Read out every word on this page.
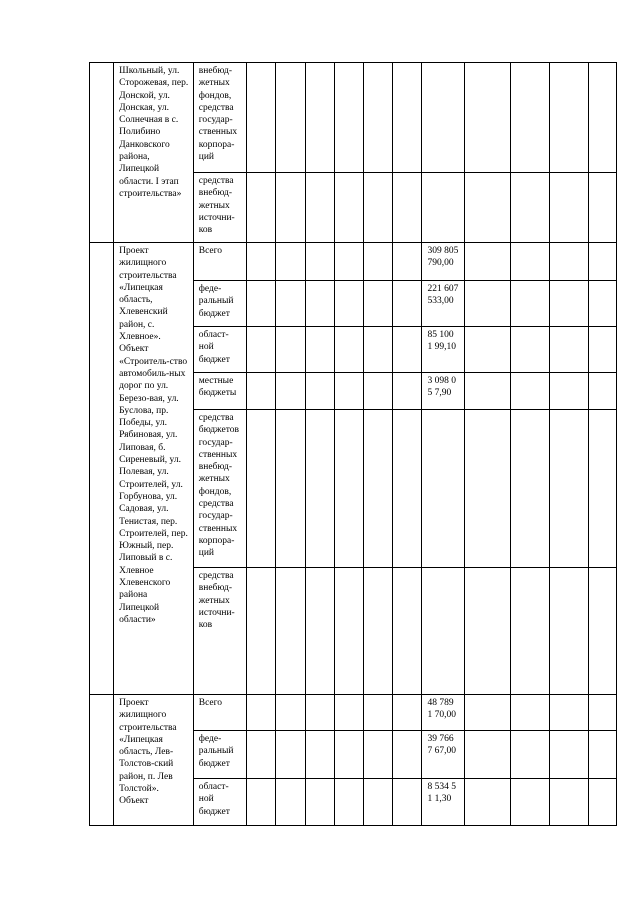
	Школьный, ул. Сторожевая, пер. Донской, ул. Донская, ул. Солнечная в с. Полибино Данковского района, Липецкой области. I этап строительства»	внебюд-жетных фондов, средства государ-ственных корпора-ций											
		средства внебюд-жетных источни-ков											
	Проект жилищного строительства «Липецкая область, Хлевенский район, с. Хлевное». Объект «Строитель-ство автомобиль-ных дорог по ул. Березо-вая, ул. Буслова, пр. Победы, ул. Рябиновая, ул. Липовая, б. Сиреневый, ул. Полевая, ул. Строителей, ул. Горбунова, ул. Садовая, ул. Тенистая, пер. Строителей, пер. Южный, пер. Липовый в с. Хлевное Хлевенского района Липецкой области»	Всего							309 805 790,00				
		феде-ральный бюджет							221 607 533,00				
		област-ной бюджет							85 100 1 99,10				
		местные бюджеты							3 098 05 7,90				
		средства бюджетов государ-ственных внебюд-жетных фондов, средства государ-ственных корпора-ций											
		средства внебюд-жетных источни-ков											
	Проект жилищного строительства «Липецкая область, Лев-Толстов-ский район, п. Лев Толстой». Объект	Всего							48 789 1 70,00				
		феде-ральный бюджет							39 766 7 67,00				
		област-ной бюджет							8 534 51 1,30				
